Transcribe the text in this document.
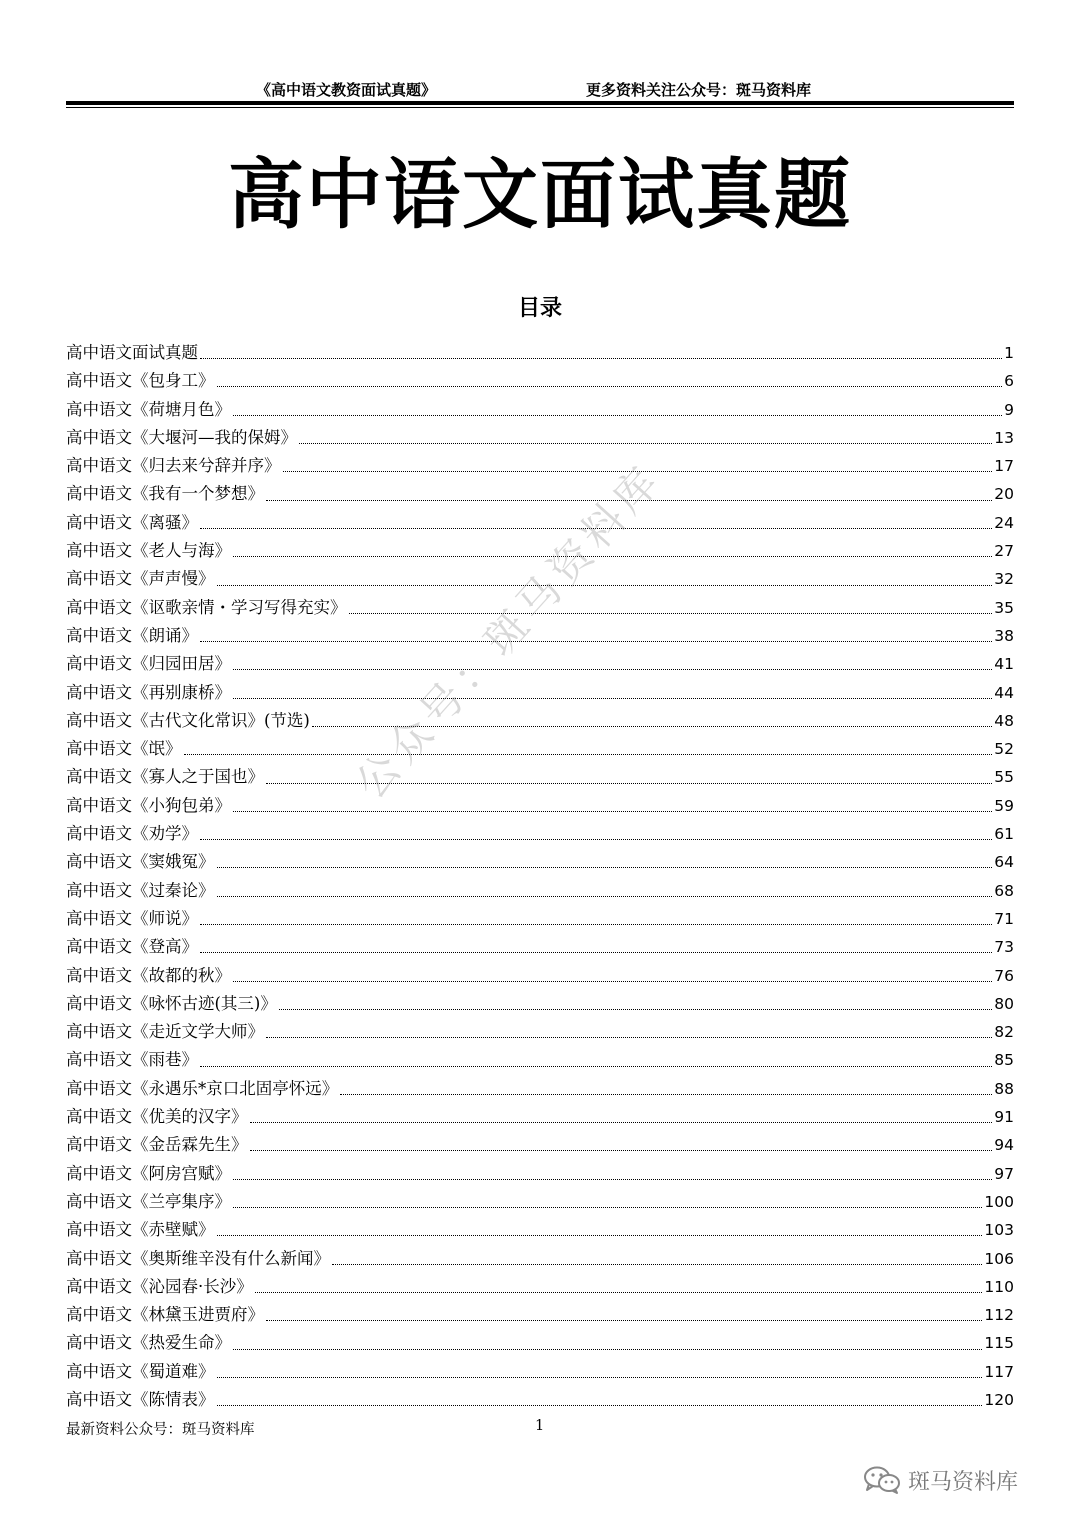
《高中语文教资面试真题》	更多资料关注公众号：斑马资料库
高中语文面试真题
目录
高中语文面试真题	1
高中语文《包身工》	6
高中语文《荷塘月色》	9
高中语文《大堰河—我的保姆》	13
高中语文《归去来兮辞并序》	17
高中语文《我有一个梦想》	20
高中语文《离骚》	24
高中语文《老人与海》	27
高中语文《声声慢》	32
高中语文《讴歌亲情・学习写得充实》	35
高中语文《朗诵》	38
高中语文《归园田居》	41
高中语文《再别康桥》	44
高中语文《古代文化常识》(节选)	48
高中语文《氓》	52
高中语文《寡人之于国也》	55
高中语文《小狗包弟》	59
高中语文《劝学》	61
高中语文《窦娥冤》	64
高中语文《过秦论》	68
高中语文《师说》	71
高中语文《登高》	73
高中语文《故都的秋》	76
高中语文《咏怀古迹(其三)》	80
高中语文《走近文学大师》	82
高中语文《雨巷》	85
高中语文《永遇乐*京口北固亭怀远》	88
高中语文《优美的汉字》	91
高中语文《金岳霖先生》	94
高中语文《阿房宫赋》	97
高中语文《兰亭集序》	100
高中语文《赤壁赋》	103
高中语文《奥斯维辛没有什么新闻》	106
高中语文《沁园春·长沙》	110
高中语文《林黛玉进贾府》	112
高中语文《热爱生命》	115
高中语文《蜀道难》	117
高中语文《陈情表》	120
公众号：斑马资料库
最新资料公众号：斑马资料库	1
斑马资料库
